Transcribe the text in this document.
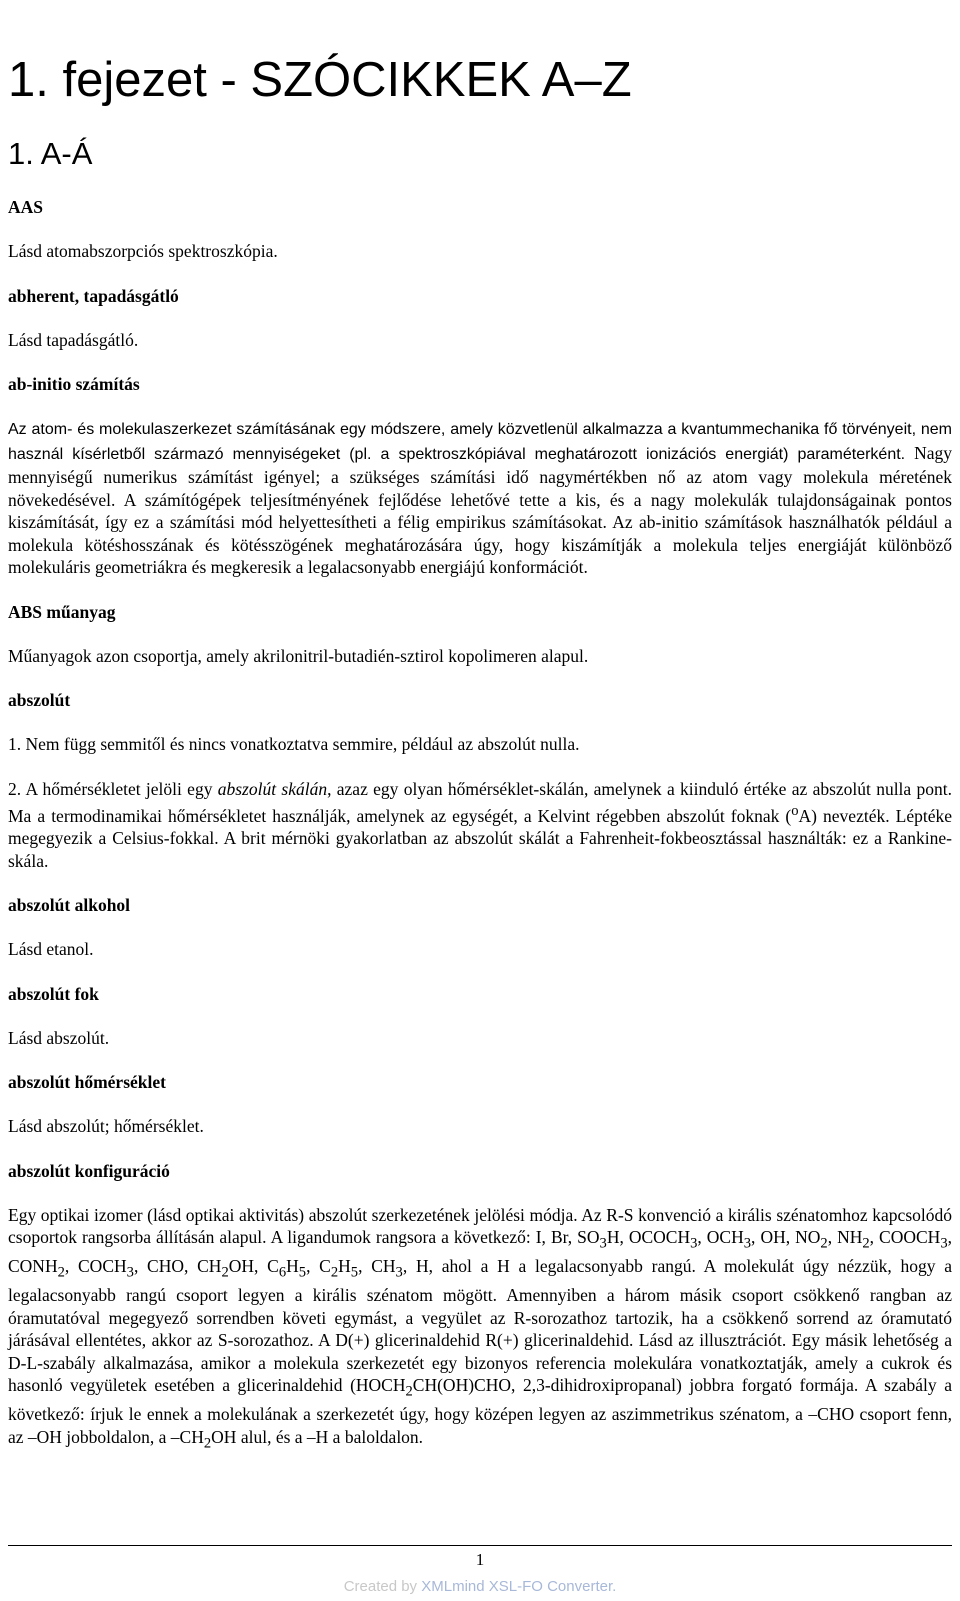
1. fejezet - SZÓCIKKEK A–Z
1. A-Á

AAS

Lásd atomabszorpciós spektroszkópia.

abherent, tapadásgátló

Lásd tapadásgátló.

ab-initio számítás

Az atom- és molekulaszerkezet számításának egy módszere, amely közvetlenül alkalmazza a kvantummechanika fő törvényeit, nem használ kísérletből származó mennyiségeket (pl. a spektroszkópiával meghatározott ionizációs energiát) paraméterként. Nagy mennyiségű numerikus számítást igényel; a szükséges számítási idő nagymértékben nő az atom vagy molekula méretének növekedésével. A számítógépek teljesítményének fejlődése lehetővé tette a kis, és a nagy molekulák tulajdonságainak pontos kiszámítását, így ez a számítási mód helyettesítheti a félig empirikus számításokat. Az ab-initio számítások használhatók például a molekula kötéshosszának és kötésszögének meghatározására úgy, hogy kiszámítják a molekula teljes energiáját különböző molekuláris geometriákra és megkeresik a legalacsonyabb energiájú konformációt.

ABS műanyag

Műanyagok azon csoportja, amely akrilonitril-butadién-sztirol kopolimeren alapul.

abszolút

1. Nem függ semmitől és nincs vonatkoztatva semmire, például az abszolút nulla.

2. A hőmérsékletet jelöli egy abszolút skálán, azaz egy olyan hőmérséklet-skálán, amelynek a kiinduló értéke az abszolút nulla pont. Ma a termodinamikai hőmérsékletet használják, amelynek az egységét, a Kelvint régebben abszolút foknak ($^o$A) nevezték. Léptéke megegyezik a Celsius-fokkal. A brit mérnöki gyakorlatban az abszolút skálát a Fahrenheit-fokbeosztással használták: ez a Rankine-skála.

abszolút alkohol

Lásd etanol.

abszolút fok

Lásd abszolút.

abszolút hőmérséklet

Lásd abszolút; hőmérséklet.

abszolút konfiguráció

Egy optikai izomer (lásd optikai aktivitás) abszolút szerkezetének jelölési módja. Az R-S konvenció a királis szénatomhoz kapcsolódó csoportok rangsorba állításán alapul. A ligandumok rangsora a következő: I, Br, $SO_3H$, $OCOCH_3$, $OCH_3$, OH, $NO_2$, $NH_2$, $COOCH_3$, $CONH_2$, $COCH_3$, CHO, $CH_2OH$, $C_6H_5$, $C_2H_5$, $CH_3$, H, ahol a H a legalacsonyabb rangú. A molekulát úgy nézzük, hogy a legalacsonyabb rangú csoport legyen a királis szénatom mögött. Amennyiben a három másik csoport csökkenő rangban az óramutatóval megegyező sorrendben követi egymást, a vegyület az R-sorozathoz tartozik, ha a csökkenő sorrend az óramutató járásával ellentétes, akkor az S-sorozathoz. A D(+) glicerinaldehid R(+) glicerinaldehid. Lásd az illusztrációt. Egy másik lehetőség a D-L-szabály alkalmazása, amikor a molekula szerkezetét egy bizonyos referencia molekulára vonatkoztatják, amely a cukrok és hasonló vegyületek esetében a glicerinaldehid ($HOCH_2CH(OH)CHO$, 2,3-dihidroxipropanal) jobbra forgató formája. A szabály a következő: írjuk le ennek a molekulának a szerkezetét úgy, hogy középen legyen az aszimmetrikus szénatom, a –CHO csoport fenn, az –OH jobboldalon, a $-CH_2OH$ alul, és a –H a baloldalon.

1
Created by XMLmind XSL-FO Converter.
